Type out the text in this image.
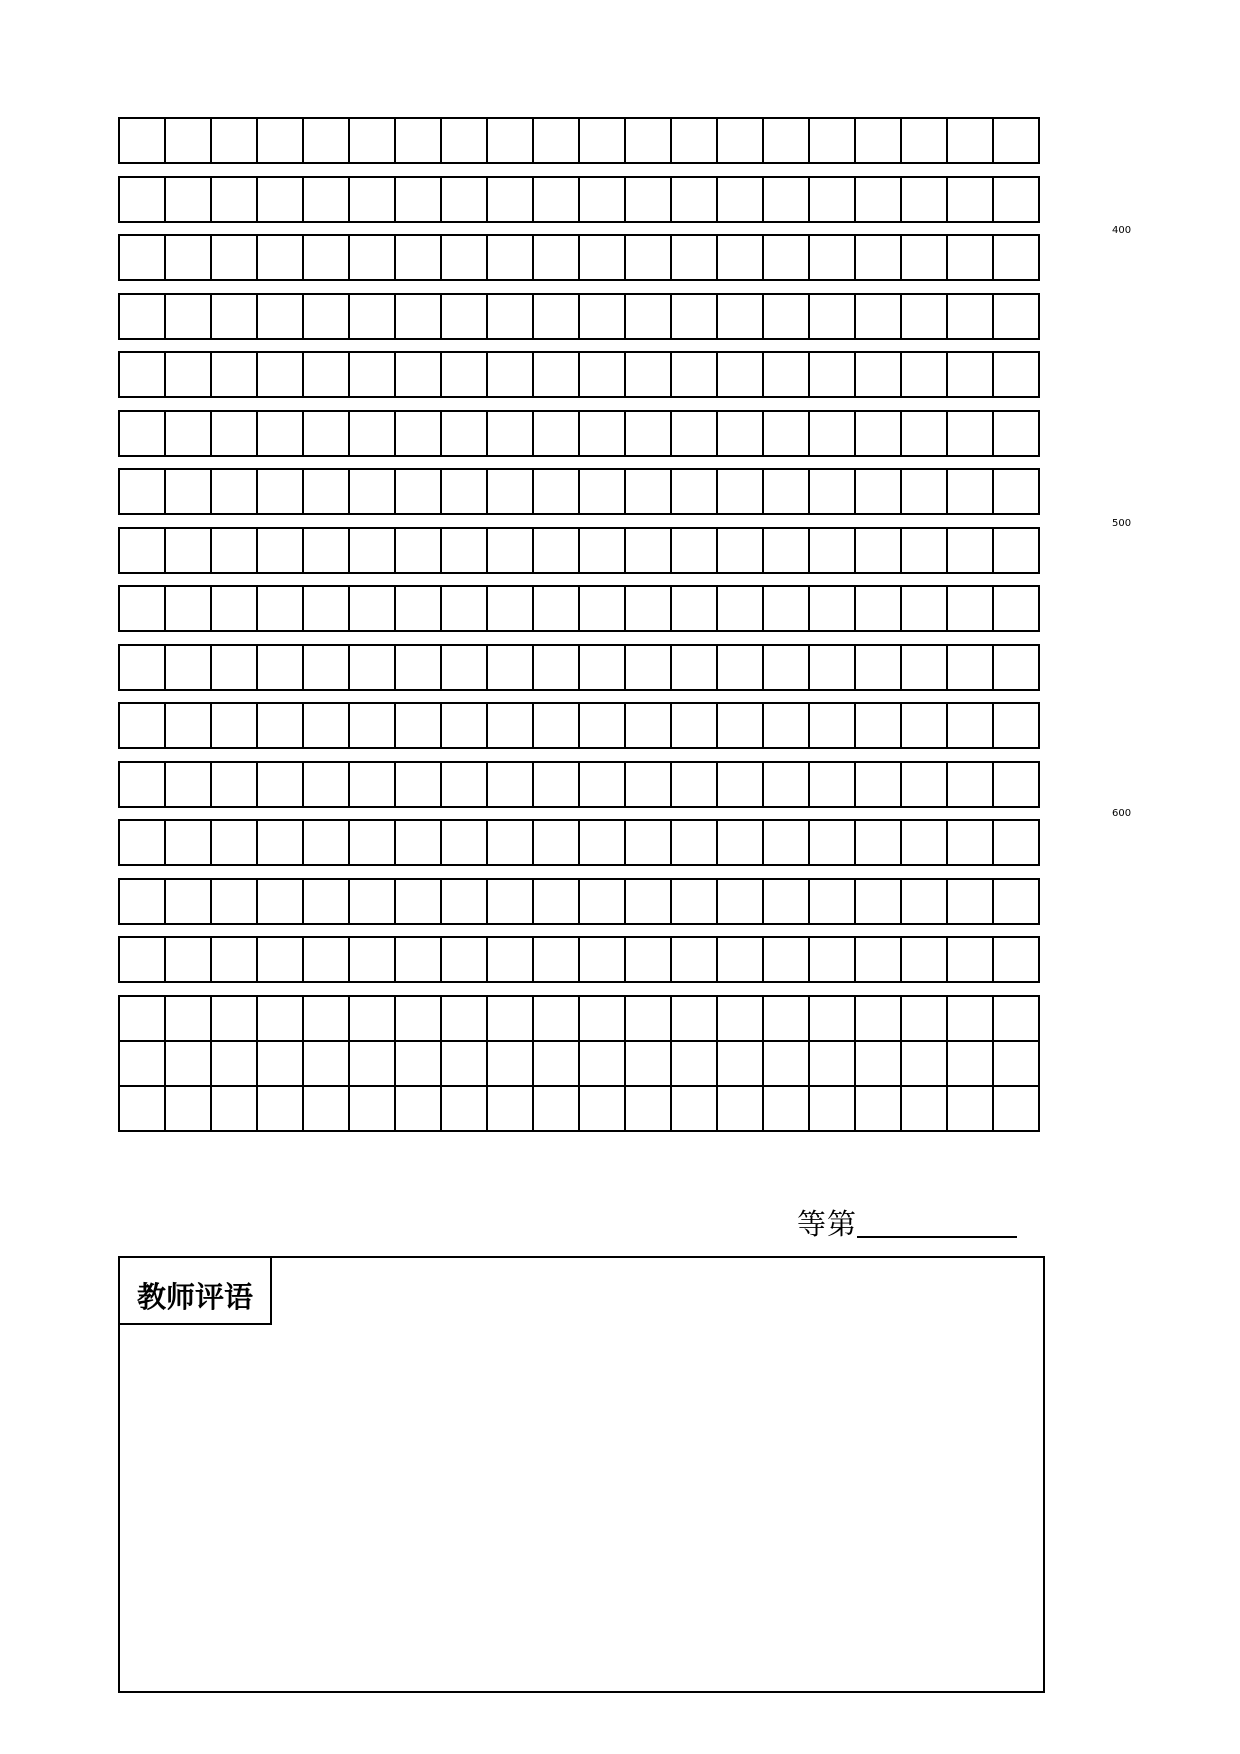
400
500
600
等第
教师评语
